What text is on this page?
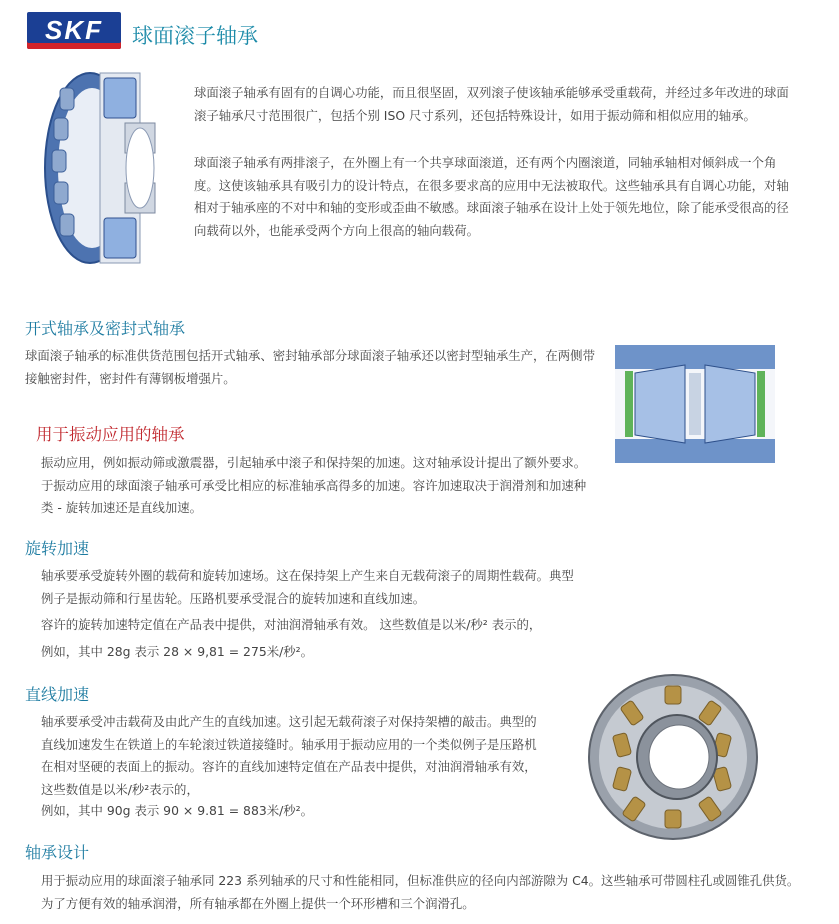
SKF	球面滚子轴承
球面滚子轴承有固有的自调心功能，而且很坚固，双列滚子使该轴承能够承受重载荷，并经过多年改进的球面滚子轴承尺寸范围很广，包括个别 ISO 尺寸系列，还包括特殊设计，如用于振动筛和相似应用的轴承。
球面滚子轴承有两排滚子，在外圈上有一个共享球面滚道，还有两个内圈滚道，同轴承轴相对倾斜成一个角度。这使该轴承具有吸引力的设计特点，在很多要求高的应用中无法被取代。这些轴承具有自调心功能，对轴相对于轴承座的不对中和轴的变形或歪曲不敏感。球面滚子轴承在设计上处于领先地位，除了能承受很高的径向载荷以外，也能承受两个方向上很高的轴向载荷。
开式轴承及密封式轴承
球面滚子轴承的标准供货范围包括开式轴承、密封轴承部分球面滚子轴承还以密封型轴承生产，在两侧带接触密封件，密封件有薄钢板增强片。
用于振动应用的轴承
振动应用，例如振动筛或激震器，引起轴承中滚子和保持架的加速。这对轴承设计提出了额外要求。于振动应用的球面滚子轴承可承受比相应的标准轴承高得多的加速。容许加速取决于润滑剂和加速种类 - 旋转加速还是直线加速。
旋转加速
轴承要承受旋转外圈的载荷和旋转加速场。这在保持架上产生来自无载荷滚子的周期性载荷。典型例子是振动筛和行星齿轮。压路机要承受混合的旋转加速和直线加速。
容许的旋转加速特定值在产品表中提供，对油润滑轴承有效。 这些数值是以米/秒² 表示的，
例如，其中 28g 表示 28 × 9,81 = 275米/秒²。
直线加速
轴承要承受冲击载荷及由此产生的直线加速。这引起无载荷滚子对保持架槽的敲击。典型的直线加速发生在铁道上的车轮滚过铁道接缝时。轴承用于振动应用的一个类似例子是压路机在相对坚硬的表面上的振动。容许的直线加速特定值在产品表中提供，对油润滑轴承有效，这些数值是以米/秒²表示的，
例如，其中 90g 表示 90 × 9.81 = 883米/秒²。
轴承设计
用于振动应用的球面滚子轴承同 223 系列轴承的尺寸和性能相同，但标准供应的径向内部游隙为 C4。这些轴承可带圆柱孔或圆锥孔供货。 为了方便有效的轴承润滑，所有轴承都在外圈上提供一个环形槽和三个润滑孔。
